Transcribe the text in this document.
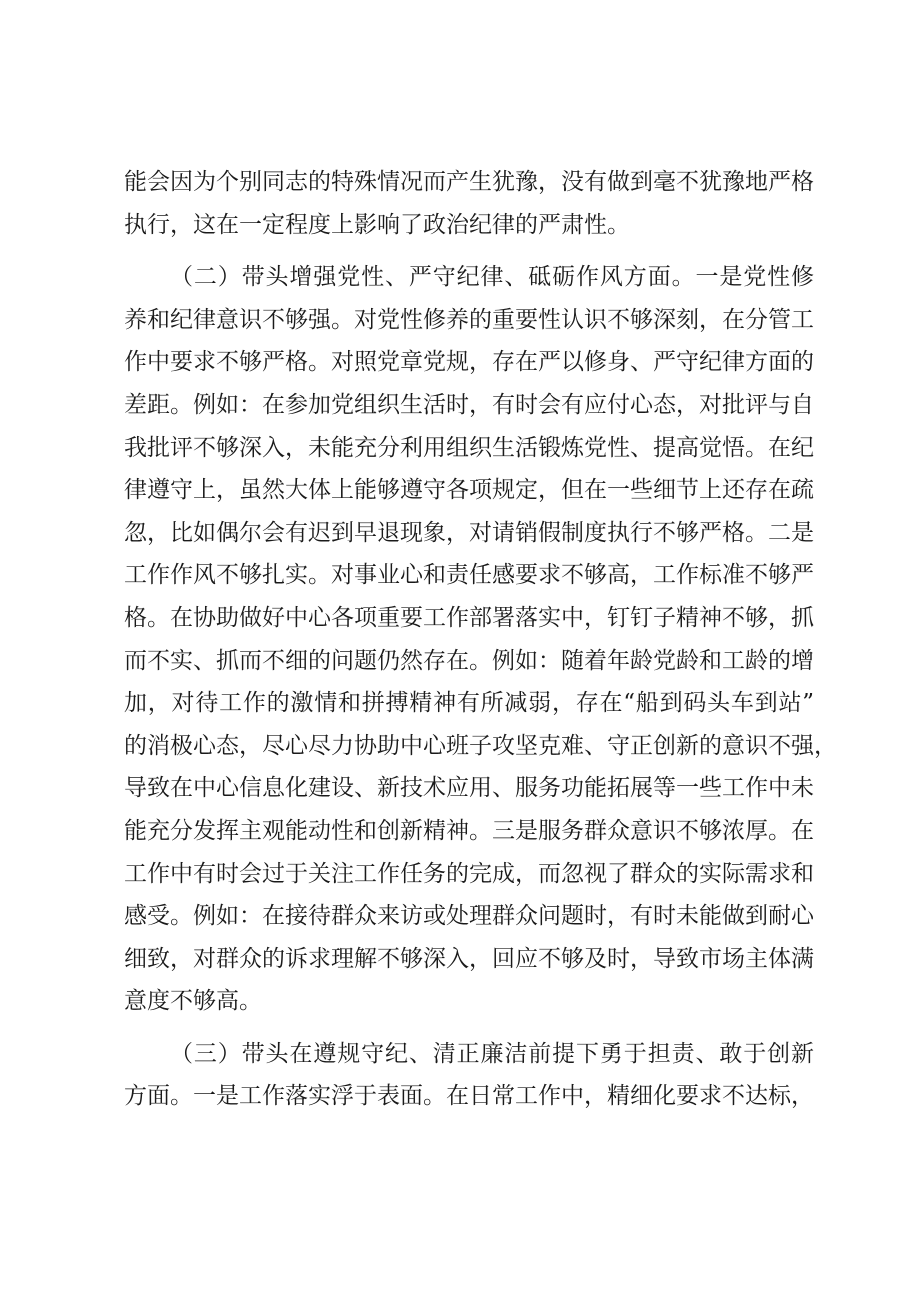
能会因为个别同志的特殊情况而产生犹豫，没有做到毫不犹豫地严格
执行，这在一定程度上影响了政治纪律的严肃性。
（二）带头增强党性、严守纪律、砥砺作风方面。一是党性修
养和纪律意识不够强。对党性修养的重要性认识不够深刻，在分管工
作中要求不够严格。对照党章党规，存在严以修身、严守纪律方面的
差距。例如：在参加党组织生活时，有时会有应付心态，对批评与自
我批评不够深入，未能充分利用组织生活锻炼党性、提高觉悟。在纪
律遵守上，虽然大体上能够遵守各项规定，但在一些细节上还存在疏
忽，比如偶尔会有迟到早退现象，对请销假制度执行不够严格。二是
工作作风不够扎实。对事业心和责任感要求不够高，工作标准不够严
格。在协助做好中心各项重要工作部署落实中，钉钉子精神不够，抓
而不实、抓而不细的问题仍然存在。例如：随着年龄党龄和工龄的增
加，对待工作的激情和拼搏精神有所减弱，存在“船到码头车到站”
的消极心态，尽心尽力协助中心班子攻坚克难、守正创新的意识不强，
导致在中心信息化建设、新技术应用、服务功能拓展等一些工作中未
能充分发挥主观能动性和创新精神。三是服务群众意识不够浓厚。在
工作中有时会过于关注工作任务的完成，而忽视了群众的实际需求和
感受。例如：在接待群众来访或处理群众问题时，有时未能做到耐心
细致，对群众的诉求理解不够深入，回应不够及时，导致市场主体满
意度不够高。
（三）带头在遵规守纪、清正廉洁前提下勇于担责、敢于创新
方面。一是工作落实浮于表面。在日常工作中，精细化要求不达标，
